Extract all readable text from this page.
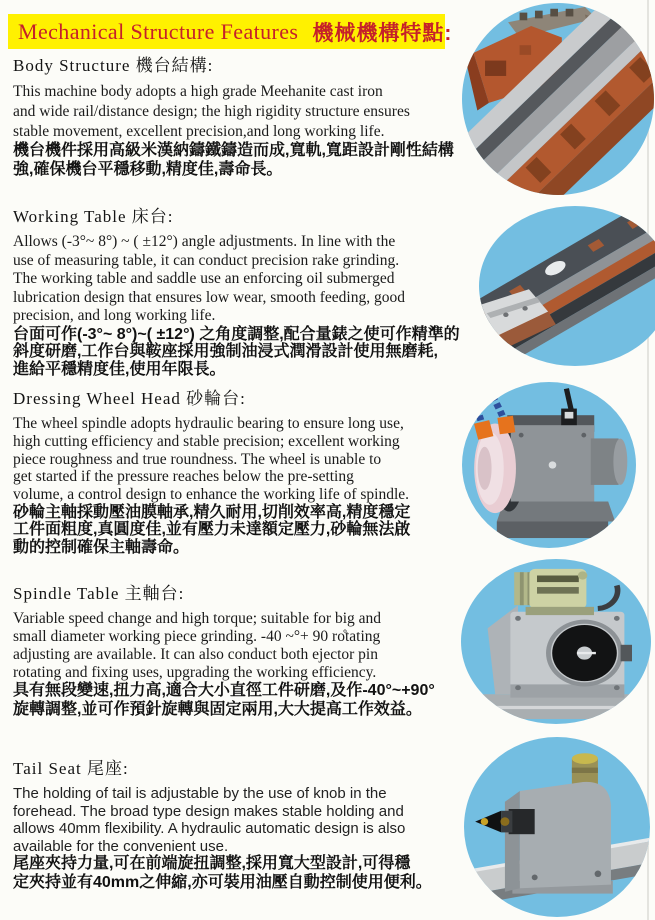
Mechanical Structure Features 機械機構特點:
Body Structure 機台結構:
This machine body adopts a high grade Meehanite cast iron
and wide rail/distance design; the high rigidity structure ensures
stable movement, excellent precision,and long working life.
機台機件採用高級米漢納鑄鐵鑄造而成,寬軌,寬距設計剛性結構
強,確保機台平穩移動,精度佳,壽命長。
Working Table 床台:
Allows (-3°~ 8°) ~ ( ±12°) angle adjustments. In line with the
use of measuring table, it can conduct precision rake grinding.
The working table and saddle use an enforcing oil submerged
lubrication design that ensures low wear, smooth feeding, good
precision, and long working life.
台面可作(-3°~ 8°)~( ±12°) 之角度調整,配合量錶之使可作精準的
斜度研磨,工作台與鞍座採用強制油浸式潤滑設計使用無磨耗,
進給平穩精度佳,使用年限長。
Dressing Wheel Head 砂輪台:
The wheel spindle adopts hydraulic bearing to ensure long use,
high cutting efficiency and stable precision; excellent working
piece roughness and true roundness. The wheel is unable to
get started if the pressure reaches below the pre-setting
volume, a control design to enhance the working life of spindle.
砂輪主軸採動壓油膜軸承,精久耐用,切削效率高,精度穩定
工件面粗度,真圓度佳,並有壓力未達額定壓力,砂輪無法啟
動的控制確保主軸壽命。
Spindle Table 主軸台:
Variable speed change and high torque; suitable for big and
small diameter working piece grinding. -40 ~°+ 90 ro̊tating
adjusting are available. It can also conduct both ejector pin
rotating and fixing uses, upgrading the working efficiency.
具有無段變速,扭力高,適合大小直徑工件研磨,及作-40°~+90°
旋轉調整,並可作預針旋轉與固定兩用,大大提高工作效益。
Tail Seat 尾座:
The holding of tail is adjustable by the use of knob in the
forehead. The broad type design makes stable holding and
allows 40mm flexibility. A hydraulic automatic design is also
available for the convenient use.
尾座夾持力量,可在前端旋扭調整,採用寬大型設計,可得穩
定夾持並有40mm之伸縮,亦可裝用油壓自動控制使用便利。
